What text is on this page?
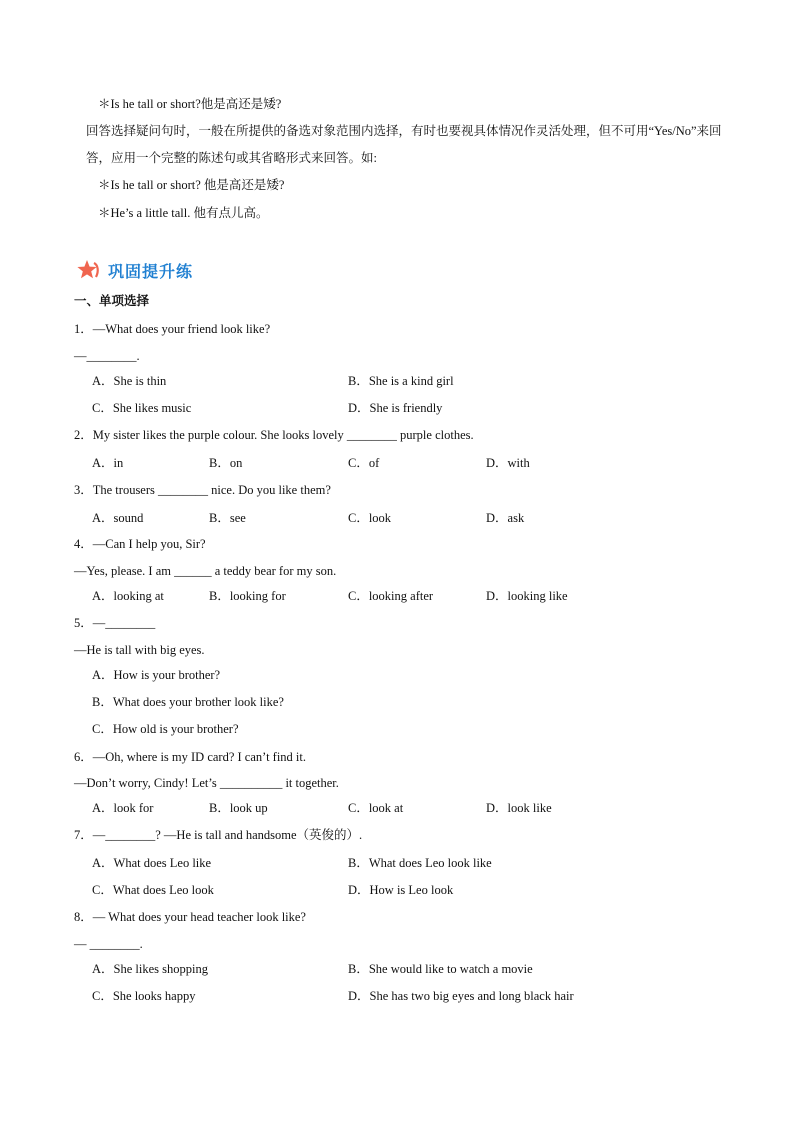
＊Is he tall or short?他是高还是矮?
回答选择疑问句时，一般在所提供的备选对象范围内选择，有时也要视具体情况作灵活处理，但不可用“Yes/No”来回答，应用一个完整的陈述句或其省略形式来回答。如:
＊Is he tall or short? 他是高还是矮?
＊He’s a little tall. 他有点儿高。
巩固提升练
一、单项选择
1．—What does your friend look like?
—________.
A．She is thin	B．She is a kind girl
C．She likes music	D．She is friendly
2．My sister likes the purple colour. She looks lovely ________ purple clothes.
A．in	B．on	C．of	D．with
3．The trousers ________ nice. Do you like them?
A．sound	B．see	C．look	D．ask
4．—Can I help you, Sir?
—Yes, please. I am ______ a teddy bear for my son.
A．looking at	B．looking for	C．looking after	D．looking like
5．—________
—He is tall with big eyes.
A．How is your brother?
B．What does your brother look like?
C．How old is your brother?
6．—Oh, where is my ID card? I can’t find it.
—Don’t worry, Cindy! Let’s __________ it together.
A．look for	B．look up	C．look at	D．look like
7．—________? —He is tall and handsome（英俊的）.
A．What does Leo like	B．What does Leo look like
C．What does Leo look	D．How is Leo look
8．— What does your head teacher look like?
— ________.
A．She likes shopping	B．She would like to watch a movie
C．She looks happy	D．She has two big eyes and long black hair
